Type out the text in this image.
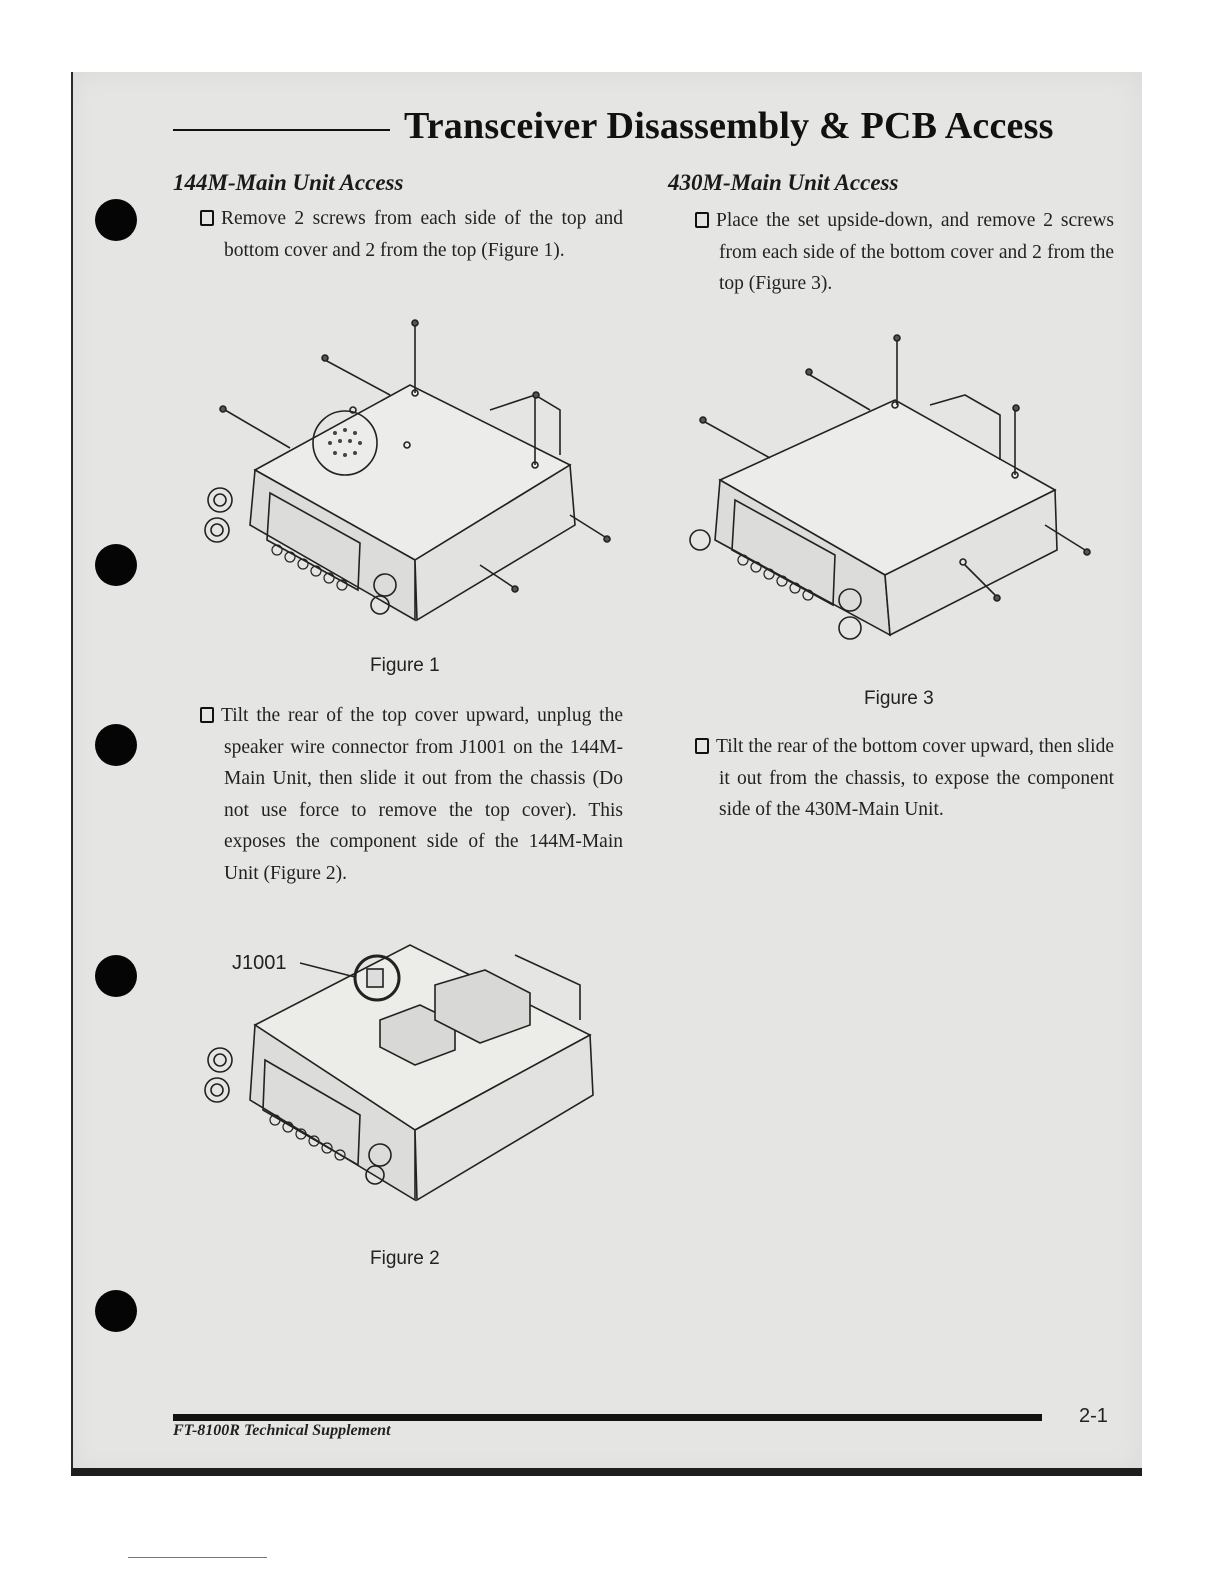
Transceiver Disassembly & PCB Access
144M-Main Unit Access
Remove 2 screws from each side of the top and bottom cover and 2 from the top (Figure 1).
Figure 1
Tilt the rear of the top cover upward, unplug the speaker wire connector from J1001 on the 144M-Main Unit, then slide it out from the chassis (Do not use force to remove the top cover). This exposes the component side of the 144M-Main Unit (Figure 2).
J1001
Figure 2
430M-Main Unit Access
Place the set upside-down, and remove 2 screws from each side of the bottom cover and 2 from the top (Figure 3).
Figure 3
Tilt the rear of the bottom cover upward, then slide it out from the chassis, to expose the component side of the 430M-Main Unit.
FT-8100R Technical Supplement
2-1
